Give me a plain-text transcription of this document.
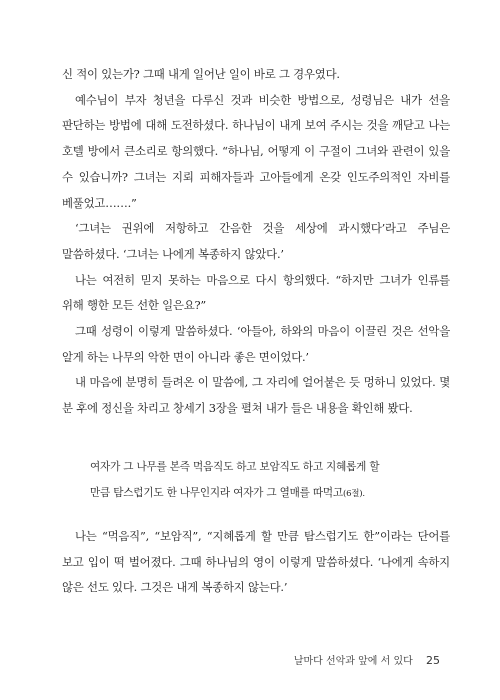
신 적이 있는가? 그때 내게 일어난 일이 바로 그 경우였다.

예수님이 부자 청년을 다루신 것과 비슷한 방법으로, 성령님은 내가 선을 판단하는 방법에 대해 도전하셨다. 하나님이 내게 보여 주시는 것을 깨닫고 나는 호텔 방에서 큰소리로 항의했다. “하나님, 어떻게 이 구절이 그녀와 관련이 있을 수 있습니까? 그녀는 지뢰 피해자들과 고아들에게 온갖 인도주의적인 자비를 베풀었고…….”

‘그녀는 권위에 저항하고 간음한 것을 세상에 과시했다’라고 주님은 말씀하셨다. ‘그녀는 나에게 복종하지 않았다.’

나는 여전히 믿지 못하는 마음으로 다시 항의했다. “하지만 그녀가 인류를 위해 행한 모든 선한 일은요?”

그때 성령이 이렇게 말씀하셨다. ‘아들아, 하와의 마음이 이끌린 것은 선악을 알게 하는 나무의 악한 면이 아니라 좋은 면이었다.’

내 마음에 분명히 들려온 이 말씀에, 그 자리에 얼어붙은 듯 멍하니 있었다. 몇 분 후에 정신을 차리고 창세기 3장을 펼쳐 내가 들은 내용을 확인해 봤다.

여자가 그 나무를 본즉 먹음직도 하고 보암직도 하고 지혜롭게 할
만큼 탐스럽기도 한 나무인지라 여자가 그 열매를 따먹고(6절).

나는 “먹음직”, “보암직”, “지혜롭게 할 만큼 탐스럽기도 한”이라는 단어를 보고 입이 떡 벌어졌다. 그때 하나님의 영이 이렇게 말씀하셨다. ‘나에게 속하지 않은 선도 있다. 그것은 내게 복종하지 않는다.’

날마다 선악과 앞에 서 있다 25
